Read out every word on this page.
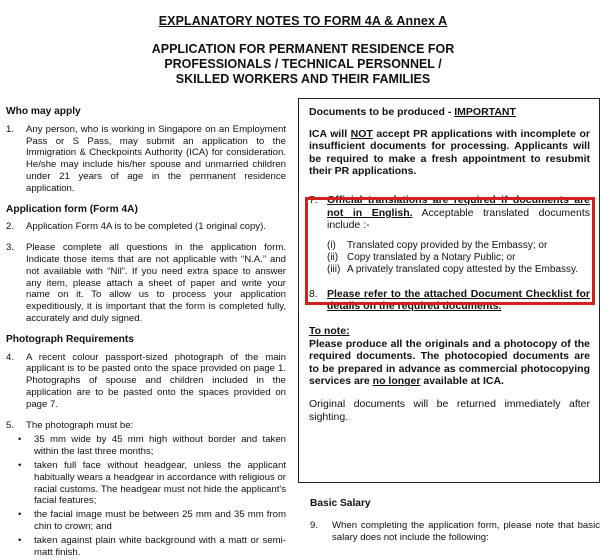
EXPLANATORY NOTES TO FORM 4A & Annex A
APPLICATION FOR PERMANENT RESIDENCE FOR
PROFESSIONALS / TECHNICAL PERSONNEL /
SKILLED WORKERS AND THEIR FAMILIES
Who may apply
1.	Any person, who is working in Singapore on an Employment Pass or S Pass, may submit an application to the Immigration & Checkpoints Authority (ICA) for consideration. He/she may include his/her spouse and unmarried children under 21 years of age in the permanent residence application.
Application form (Form 4A)
2.	Application Form 4A is to be completed (1 original copy).
3.	Please complete all questions in the application form. Indicate those items that are not applicable with “N.A.” and not available with “Nil”. If you need extra space to answer any item, please attach a sheet of paper and write your name on it. To allow us to process your application expeditiously, it is important that the form is completed fully, accurately and duly signed.
Photograph Requirements
4.	A recent colour passport-sized photograph of the main applicant is to be pasted onto the space provided on page 1. Photographs of spouse and children included in the application are to be pasted onto the spaces provided on page 7.
5.	The photograph must be:
• 35 mm wide by 45 mm high without border and taken within the last three months;
• taken full face without headgear, unless the applicant habitually wears a headgear in accordance with religious or racial customs. The headgear must not hide the applicant's facial features;
• the facial image must be between 25 mm and 35 mm from chin to crown; and
• taken against plain white background with a matt or semi-matt finish.
Documents to be produced - IMPORTANT
ICA will NOT accept PR applications with incomplete or insufficient documents for processing. Applicants will be required to make a fresh appointment to resubmit their PR applications.
7. Official translations are required if documents are not in English. Acceptable translated documents include :-
(i)	Translated copy provided by the Embassy; or
(ii) Copy translated by a Notary Public; or
(iii) A privately translated copy attested by the Embassy.
8. Please refer to the attached Document Checklist for details on the required documents.
To note:
Please produce all the originals and a photocopy of the required documents. The photocopied documents are to be prepared in advance as commercial photocopying services are no longer available at ICA.
Original documents will be returned immediately after sighting.
Basic Salary
9.	When completing the application form, please note that basic salary does not include the following:
